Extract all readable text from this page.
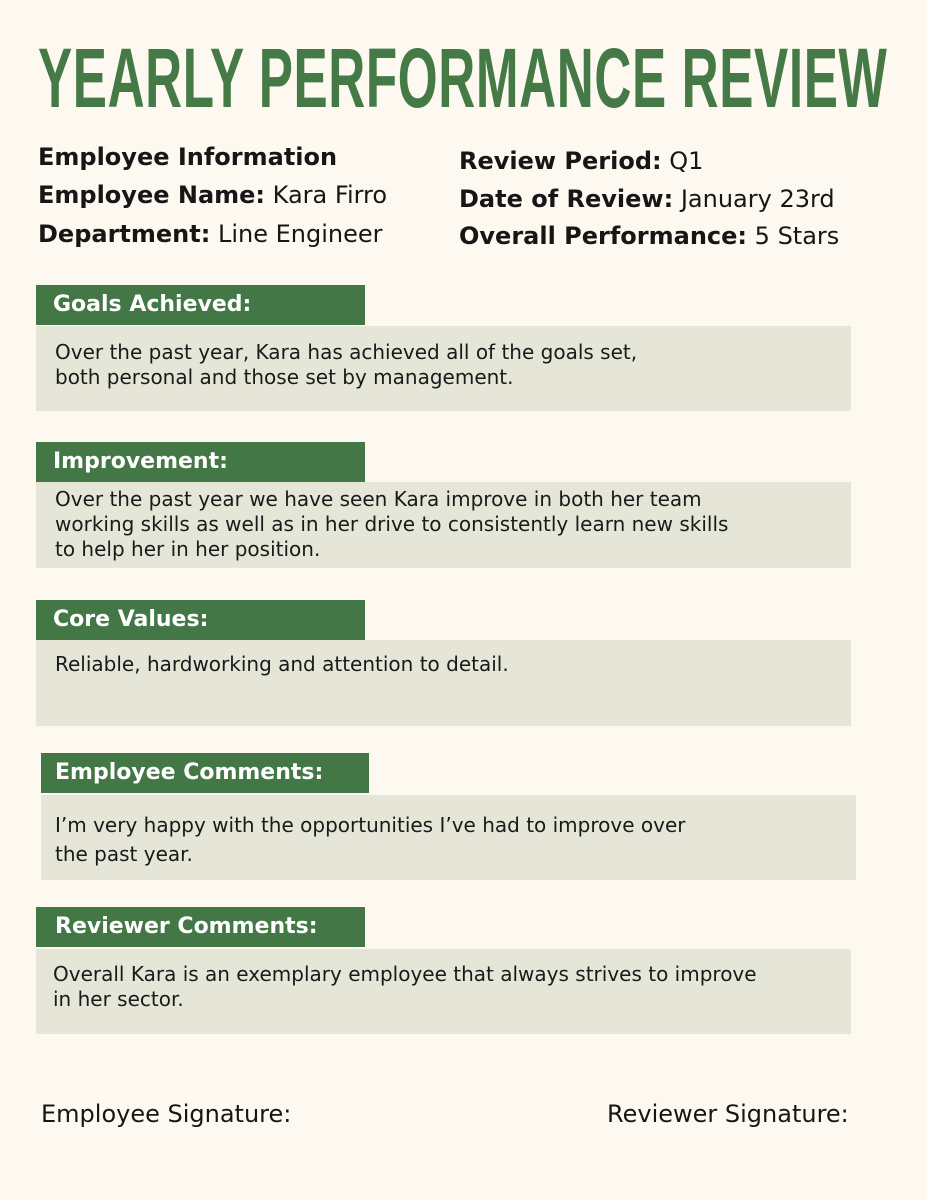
YEARLY PERFORMANCE REVIEW
Employee Information
Employee Name: Kara Firro
Department: Line Engineer
Review Period: Q1
Date of Review: January 23rd
Overall Performance: 5 Stars

Over the past year, Kara has achieved all of the goals set,

both personal and those set by management.

Goals Achieved:

Over the past year we have seen Kara improve in both her team

working skills as well as in her drive to consistently learn new skills

to help her in her position.

Improvement:

Reliable, hardworking and attention to detail.

Core Values:

I’m very happy with the opportunities I’ve had to improve over

the past year.

Employee Comments:

Overall Kara is an exemplary employee that always strives to improve

in her sector.

Reviewer Comments:
Employee Signature:	Reviewer Signature:
